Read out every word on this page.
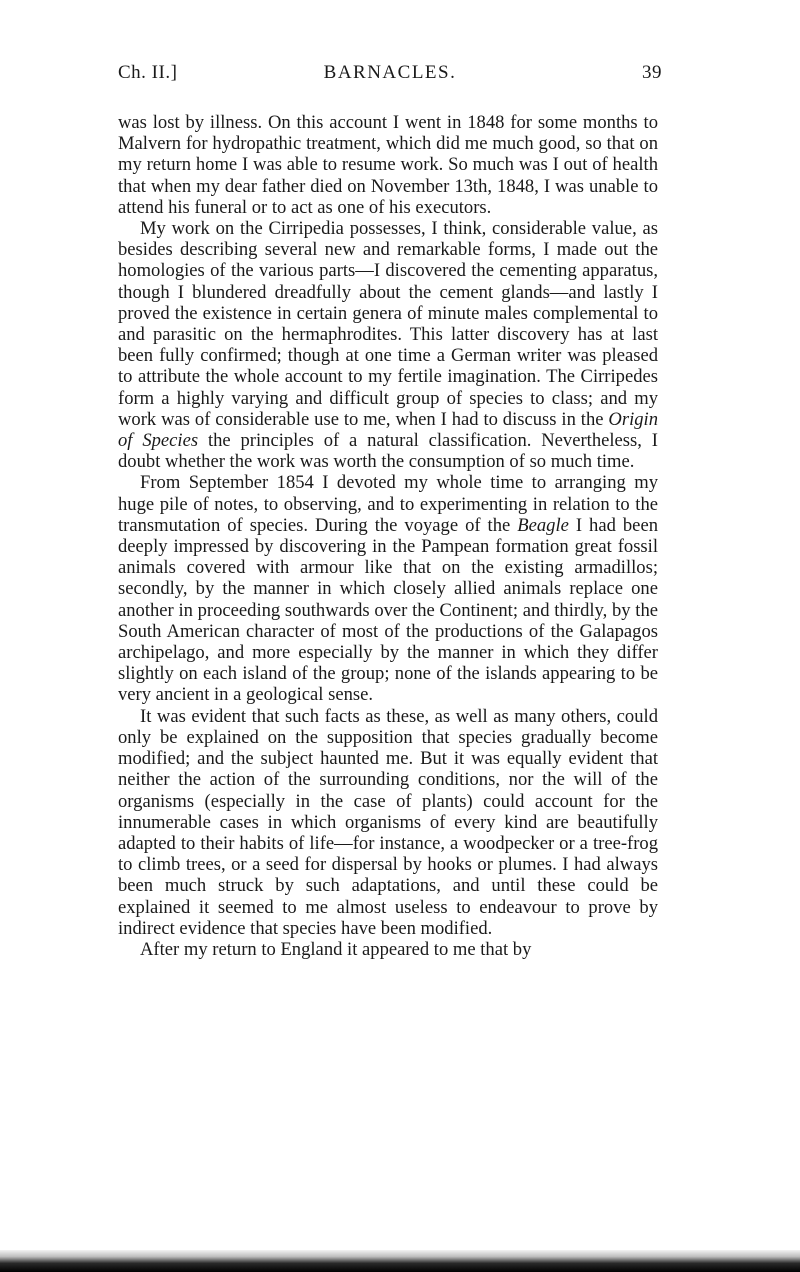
Ch. II.]	BARNACLES.	39

was lost by illness. On this account I went in 1848 for some months to Malvern for hydropathic treatment, which did me much good, so that on my return home I was able to resume work. So much was I out of health that when my dear father died on November 13th, 1848, I was unable to attend his funeral or to act as one of his executors.

My work on the Cirripedia possesses, I think, considerable value, as besides describing several new and remarkable forms, I made out the homologies of the various parts—I discovered the cementing apparatus, though I blundered dreadfully about the cement glands—and lastly I proved the existence in certain genera of minute males complemental to and parasitic on the hermaphrodites. This latter discovery has at last been fully confirmed; though at one time a German writer was pleased to attribute the whole account to my fertile imagination. The Cirripedes form a highly varying and difficult group of species to class; and my work was of considerable use to me, when I had to discuss in the Origin of Species the principles of a natural classification. Nevertheless, I doubt whether the work was worth the consumption of so much time.

From September 1854 I devoted my whole time to arranging my huge pile of notes, to observing, and to experimenting in relation to the transmutation of species. During the voyage of the Beagle I had been deeply impressed by discovering in the Pampean formation great fossil animals covered with armour like that on the existing armadillos; secondly, by the manner in which closely allied animals replace one another in proceeding southwards over the Continent; and thirdly, by the South American character of most of the productions of the Galapagos archipelago, and more especially by the manner in which they differ slightly on each island of the group; none of the islands appearing to be very ancient in a geological sense.

It was evident that such facts as these, as well as many others, could only be explained on the supposition that species gradually become modified; and the subject haunted me. But it was equally evident that neither the action of the surrounding conditions, nor the will of the organisms (especially in the case of plants) could account for the innumerable cases in which organisms of every kind are beautifully adapted to their habits of life—for instance, a woodpecker or a tree-frog to climb trees, or a seed for dispersal by hooks or plumes. I had always been much struck by such adaptations, and until these could be explained it seemed to me almost useless to endeavour to prove by indirect evidence that species have been modified.

After my return to England it appeared to me that by
